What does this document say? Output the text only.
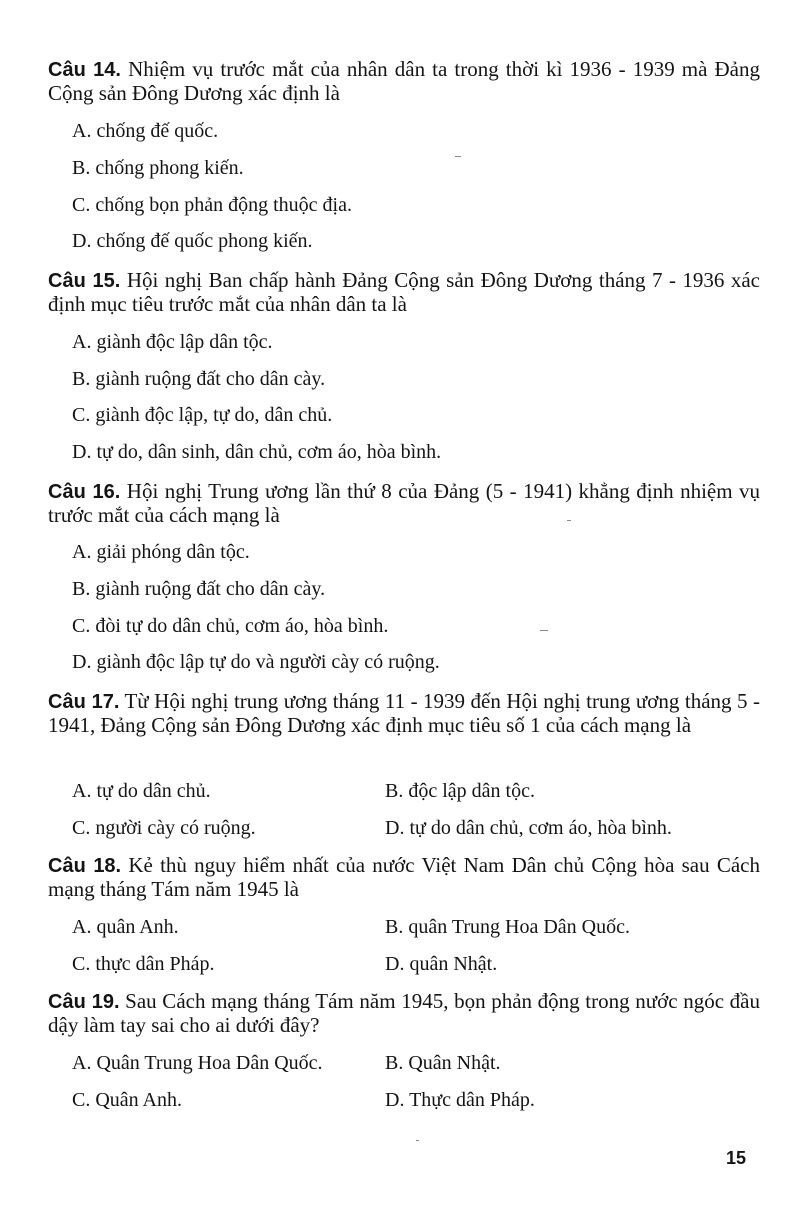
Câu 14. Nhiệm vụ trước mắt của nhân dân ta trong thời kì 1936 - 1939 mà Đảng Cộng sản Đông Dương xác định là

A. chống đế quốc.
B. chống phong kiến.
C. chống bọn phản động thuộc địa.
D. chống đế quốc phong kiến.

Câu 15. Hội nghị Ban chấp hành Đảng Cộng sản Đông Dương tháng 7 - 1936 xác định mục tiêu trước mắt của nhân dân ta là

A. giành độc lập dân tộc.
B. giành ruộng đất cho dân cày.
C. giành độc lập, tự do, dân chủ.
D. tự do, dân sinh, dân chủ, cơm áo, hòa bình.

Câu 16. Hội nghị Trung ương lần thứ 8 của Đảng (5 - 1941) khẳng định nhiệm vụ trước mắt của cách mạng là

A. giải phóng dân tộc.
B. giành ruộng đất cho dân cày.
C. đòi tự do dân chủ, cơm áo, hòa bình.
D. giành độc lập tự do và người cày có ruộng.

Câu 17. Từ Hội nghị trung ương tháng 11 - 1939 đến Hội nghị trung ương tháng 5 - 1941, Đảng Cộng sản Đông Dương xác định mục tiêu số 1 của cách mạng là

A. tự do dân chủ.	B. độc lập dân tộc.
C. người cày có ruộng.	D. tự do dân chủ, cơm áo, hòa bình.

Câu 18. Kẻ thù nguy hiểm nhất của nước Việt Nam Dân chủ Cộng hòa sau Cách mạng tháng Tám năm 1945 là

A. quân Anh.	B. quân Trung Hoa Dân Quốc.
C. thực dân Pháp.	D. quân Nhật.

Câu 19. Sau Cách mạng tháng Tám năm 1945, bọn phản động trong nước ngóc đầu dậy làm tay sai cho ai dưới đây?

A. Quân Trung Hoa Dân Quốc.	B. Quân Nhật.
C. Quân Anh.	D. Thực dân Pháp.
15
